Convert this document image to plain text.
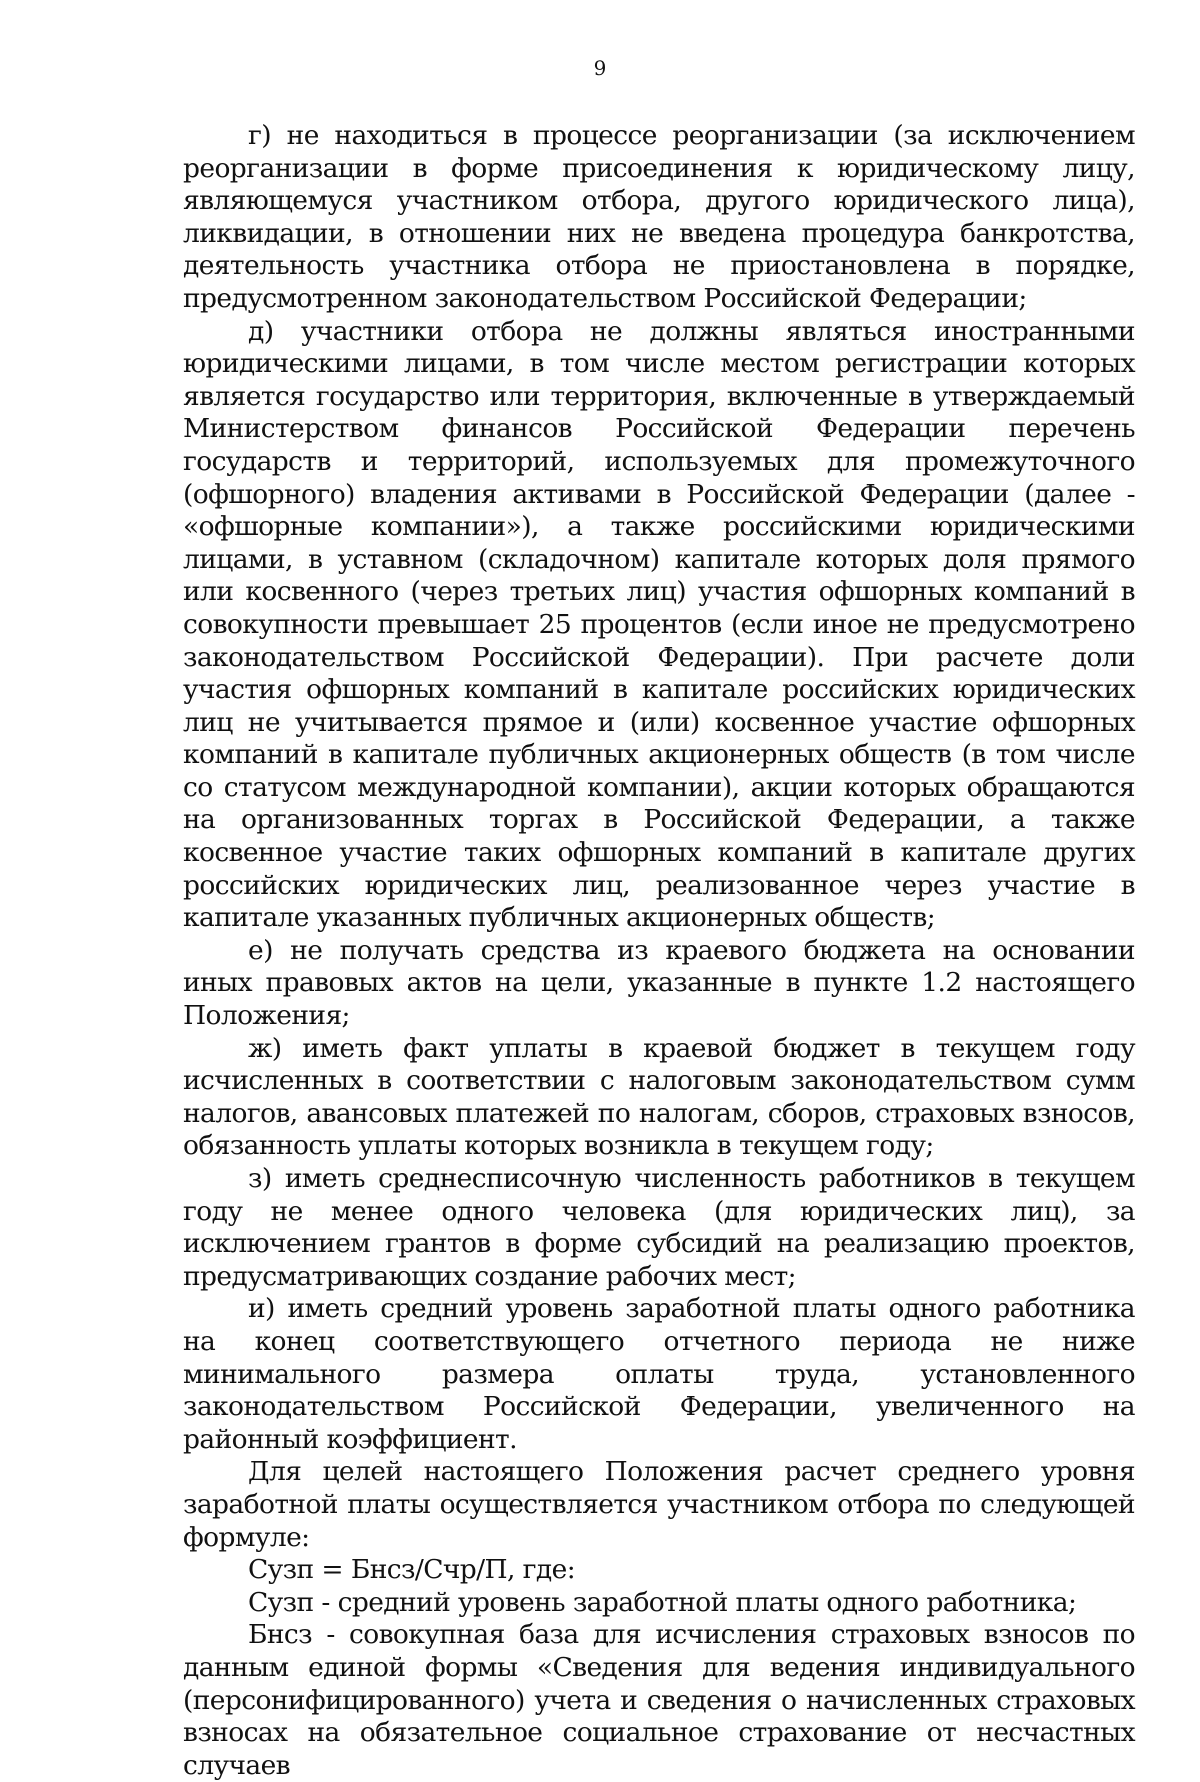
9

г) не находиться в процессе реорганизации (за исключением реорганизации в форме присоединения к юридическому лицу, являющемуся участником отбора, другого юридического лица), ликвидации, в отношении них не введена процедура банкротства, деятельность участника отбора не приостановлена в порядке, предусмотренном законодательством Российской Федерации;

д) участники отбора не должны являться иностранными юридическими лицами, в том числе местом регистрации которых является государство или территория, включенные в утверждаемый Министерством финансов Российской Федерации перечень государств и территорий, используемых для промежуточного (офшорного) владения активами в Российской Федерации (далее - «офшорные компании»), а также российскими юридическими лицами, в уставном (складочном) капитале которых доля прямого или косвенного (через третьих лиц) участия офшорных компаний в совокупности превышает 25 процентов (если иное не предусмотрено законодательством Российской Федерации). При расчете доли участия офшорных компаний в капитале российских юридических лиц не учитывается прямое и (или) косвенное участие офшорных компаний в капитале публичных акционерных обществ (в том числе со статусом международной компании), акции которых обращаются на организованных торгах в Российской Федерации, а также косвенное участие таких офшорных компаний в капитале других российских юридических лиц, реализованное через участие в капитале указанных публичных акционерных обществ;

е) не получать средства из краевого бюджета на основании иных правовых актов на цели, указанные в пункте 1.2 настоящего Положения;

ж) иметь факт уплаты в краевой бюджет в текущем году исчисленных в соответствии с налоговым законодательством сумм налогов, авансовых платежей по налогам, сборов, страховых взносов, обязанность уплаты которых возникла в текущем году;

з) иметь среднесписочную численность работников в текущем году не менее одного человека (для юридических лиц), за исключением грантов в форме субсидий на реализацию проектов, предусматривающих создание рабочих мест;

и) иметь средний уровень заработной платы одного работника на конец соответствующего отчетного периода не ниже минимального размера оплаты труда, установленного законодательством Российской Федерации, увеличенного на районный коэффициент.

Для целей настоящего Положения расчет среднего уровня заработной платы осуществляется участником отбора по следующей формуле:

Сузп = Бнсз/Счр/П, где:

Сузп - средний уровень заработной платы одного работника;

Бнсз - совокупная база для исчисления страховых взносов по данным единой формы «Сведения для ведения индивидуального (персонифицированного) учета и сведения о начисленных страховых взносах на обязательное социальное страхование от несчастных случаев
